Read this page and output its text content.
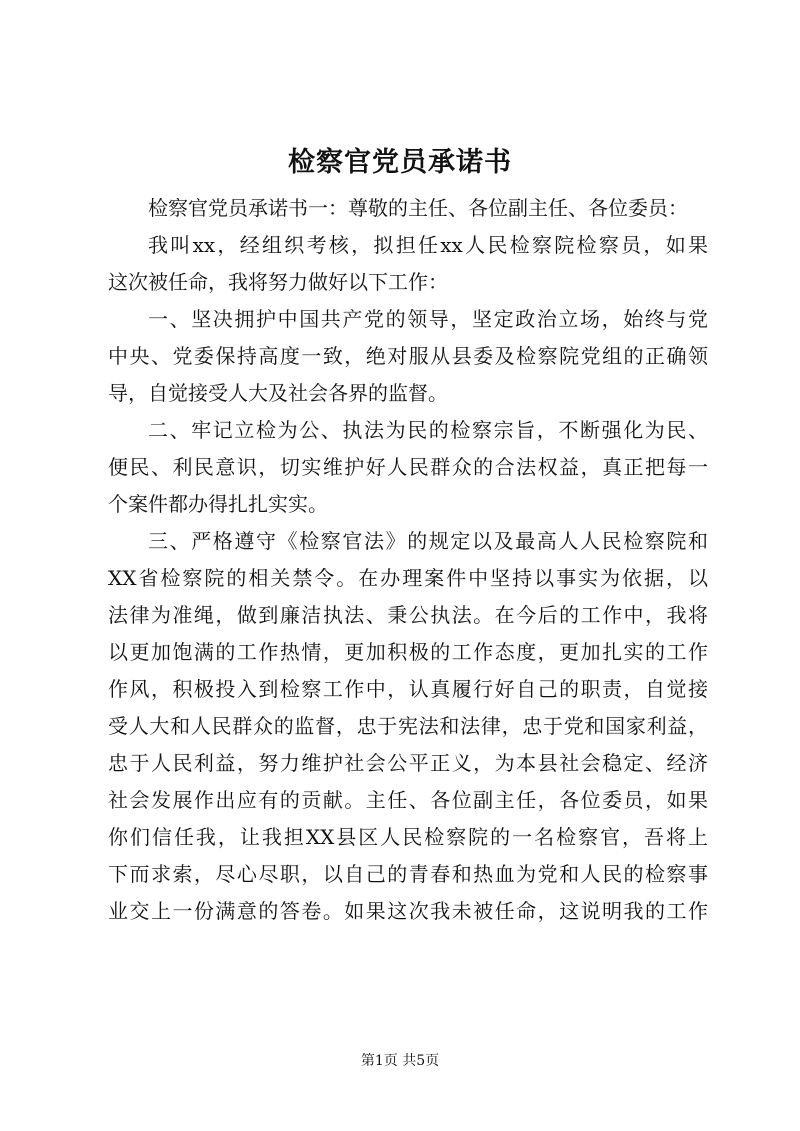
检察官党员承诺书
检察官党员承诺书一：尊敬的主任、各位副主任、各位委员：
我叫xx，经组织考核，拟担任xx人民检察院检察员，如果
这次被任命，我将努力做好以下工作：
一、坚决拥护中国共产党的领导，坚定政治立场，始终与党
中央、党委保持高度一致，绝对服从县委及检察院党组的正确领
导，自觉接受人大及社会各界的监督。
二、牢记立检为公、执法为民的检察宗旨，不断强化为民、
便民、利民意识，切实维护好人民群众的合法权益，真正把每一
个案件都办得扎扎实实。
三、严格遵守《检察官法》的规定以及最高人人民检察院和
XX省检察院的相关禁令。在办理案件中坚持以事实为依据，以
法律为准绳，做到廉洁执法、秉公执法。在今后的工作中，我将
以更加饱满的工作热情，更加积极的工作态度，更加扎实的工作
作风，积极投入到检察工作中，认真履行好自己的职责，自觉接
受人大和人民群众的监督，忠于宪法和法律，忠于党和国家利益，
忠于人民利益，努力维护社会公平正义，为本县社会稳定、经济
社会发展作出应有的贡献。主任、各位副主任，各位委员，如果
你们信任我，让我担XX县区人民检察院的一名检察官，吾将上
下而求索，尽心尽职，以自己的青春和热血为党和人民的检察事
业交上一份满意的答卷。如果这次我未被任命，这说明我的工作
第1页 共5页
